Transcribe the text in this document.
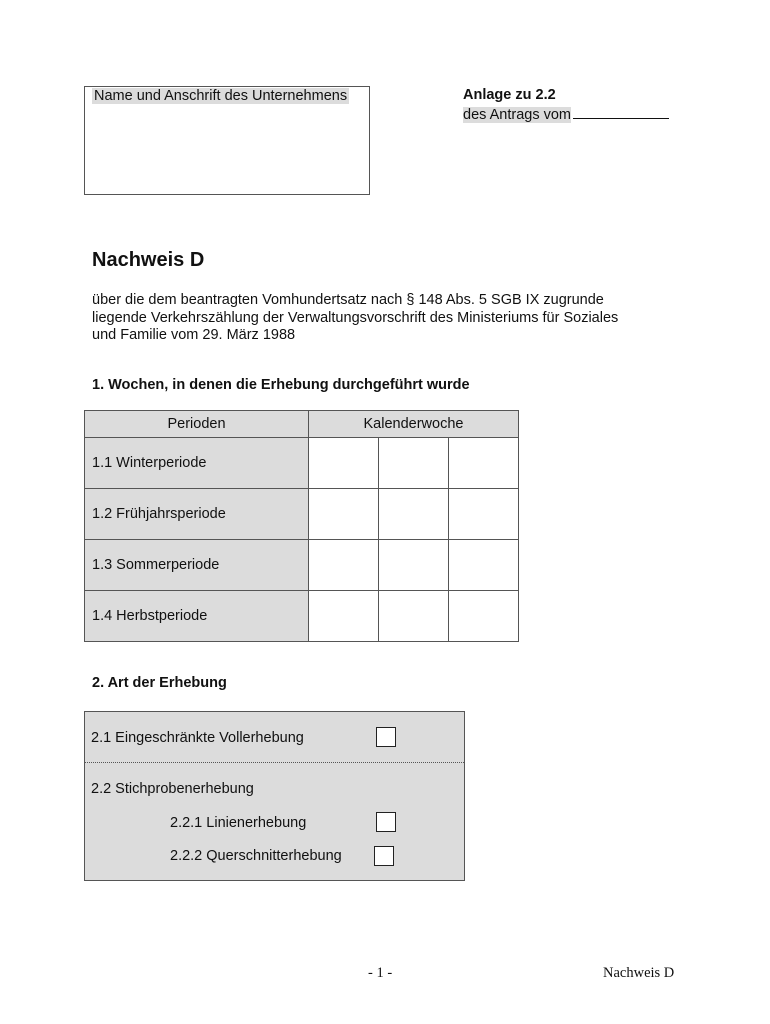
Name und Anschrift des Unternehmens	Anlage zu 2.2
des Antrags vom
Nachweis D
über die dem beantragten Vomhundertsatz nach § 148 Abs. 5 SGB IX zugrunde
liegende Verkehrszählung der Verwaltungsvorschrift des Ministeriums für Soziales
und Familie vom 29. März 1988
1. Wochen, in denen die Erhebung durchgeführt wurde
Perioden	Kalenderwoche		
1.1 Winterperiode			
1.2 Frühjahrsperiode			
1.3 Sommerperiode			
1.4 Herbstperiode			
2. Art der Erhebung
2.1 Eingeschränkte Vollerhebung
2.2 Stichprobenerhebung
2.2.1 Linienerhebung
2.2.2 Querschnitterhebung
- 1 -	Nachweis D
